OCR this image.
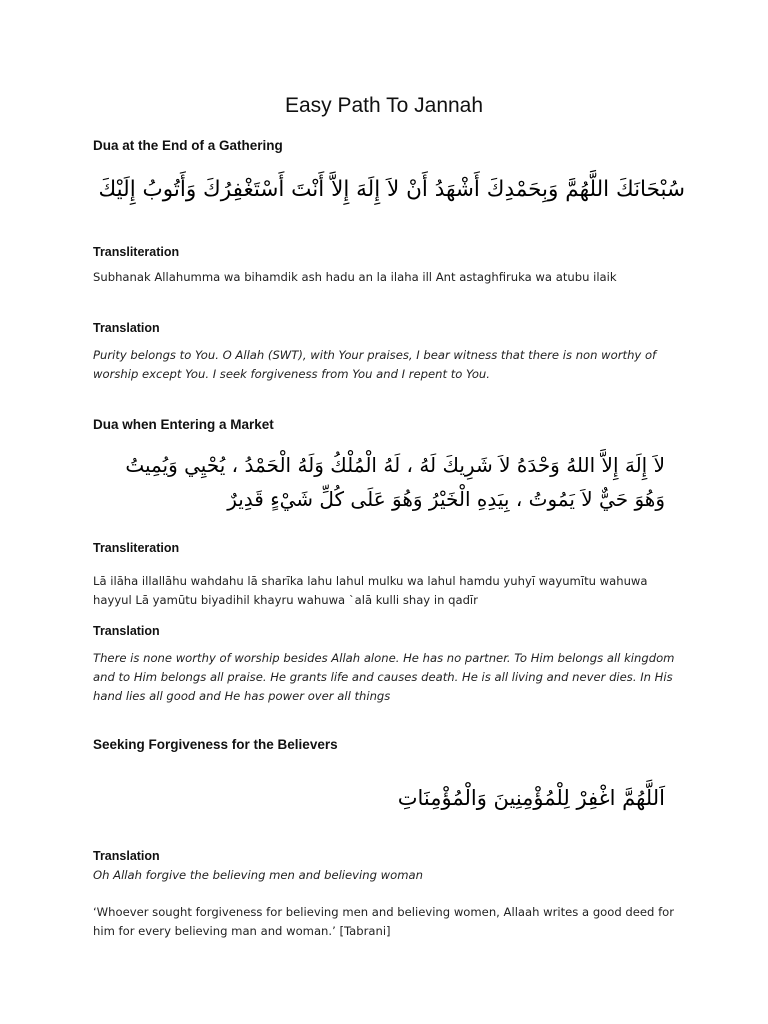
Easy Path To Jannah
Dua at the End of a Gathering
سُبْحَانَكَ اللَّهُمَّ وَبِحَمْدِكَ أَشْهَدُ أَنْ لاَ إِلَهَ إِلاَّ أَنْتَ أَسْتَغْفِرُكَ وَأَتُوبُ إِلَيْكَ
Transliteration
Subhanak Allahumma wa bihamdik ash hadu an la ilaha ill Ant astaghfiruka wa atubu ilaik
Translation
Purity belongs to You. O Allah (SWT), with Your praises, I bear witness that there is non worthy of worship except You. I seek forgiveness from You and I repent to You.
Dua when Entering a Market
لاَ إِلَهَ إِلاَّ اللهُ وَحْدَهُ لاَ شَرِيكَ لَهُ ، لَهُ الْمُلْكُ وَلَهُ الْحَمْدُ ، يُحْيِي وَيُمِيتُ
وَهُوَ حَيٌّ لاَ يَمُوتُ ، بِيَدِهِ الْخَيْرُ وَهُوَ عَلَى كُلِّ شَيْءٍ قَدِيرٌ
Transliteration
Lā ilāha illallāhu wahdahu lā sharīka lahu lahul mulku wa lahul hamdu yuhyī wayumītu wahuwa hayyul Lā yamūtu biyadihil khayru wahuwa `alā kulli shay in qadīr
Translation
There is none worthy of worship besides Allah alone. He has no partner. To Him belongs all kingdom and to Him belongs all praise. He grants life and causes death. He is all living and never dies. In His hand lies all good and He has power over all things
Seeking Forgiveness for the Believers
اَللَّهُمَّ اغْفِرْ لِلْمُؤْمِنِينَ وَالْمُؤْمِنَاتِ
Translation
Oh Allah forgive the believing men and believing woman
‘Whoever sought forgiveness for believing men and believing women, Allaah writes a good deed for him for every believing man and woman.’ [Tabrani]
